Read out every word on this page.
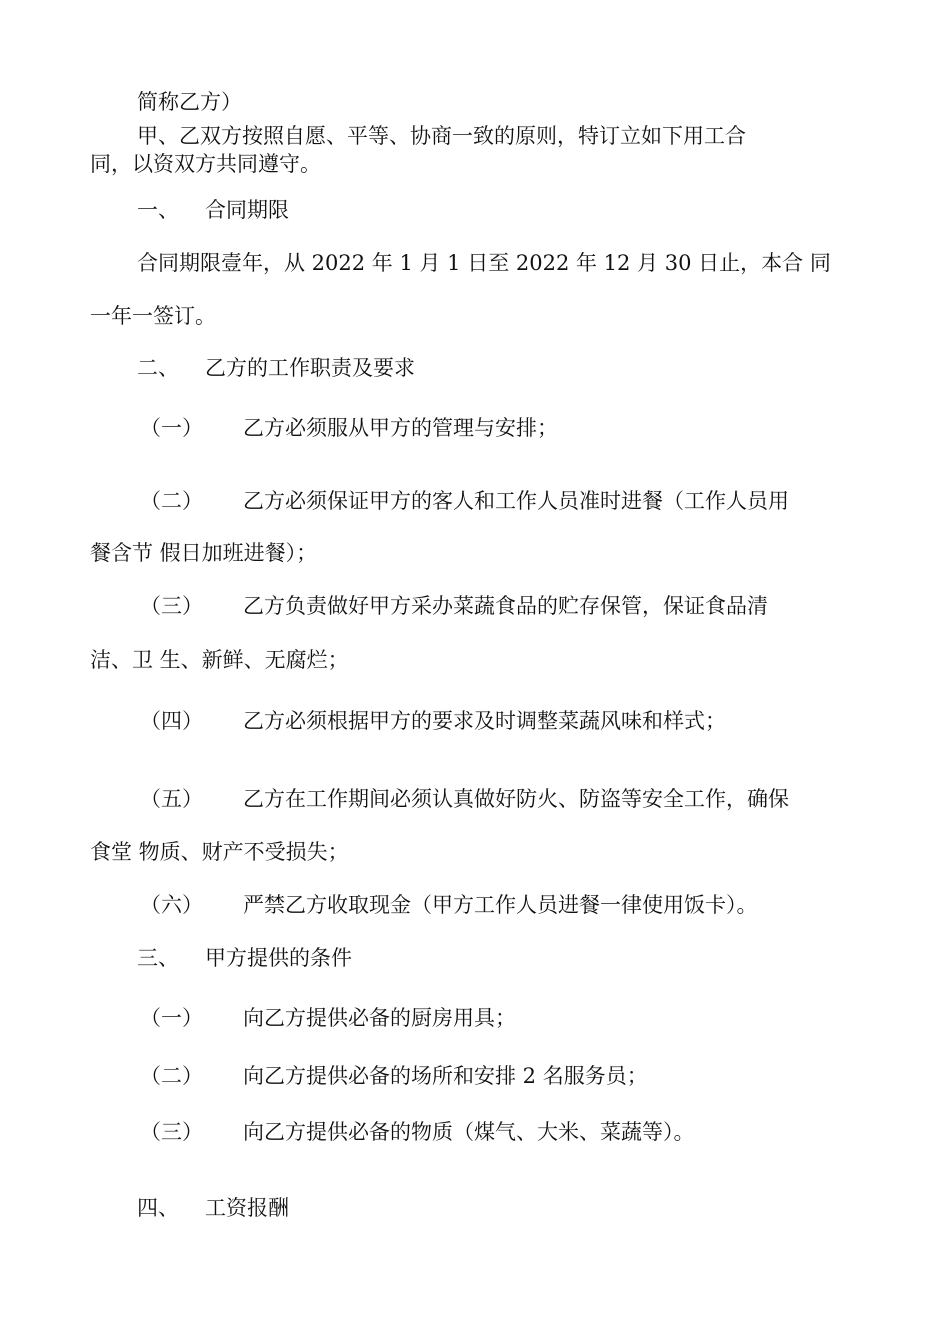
简称乙方）
甲、乙双方按照自愿、平等、协商一致的原则，特订立如下用工合
同，以资双方共同遵守。
一、 合同期限
合同期限壹年，从 2022 年 1 月 1 日至 2022 年 12 月 30 日止，本合 同
一年一签订。
二、 乙方的工作职责及要求
（一） 乙方必须服从甲方的管理与安排；
（二） 乙方必须保证甲方的客人和工作人员准时进餐（工作人员用
餐含节 假日加班进餐）；
（三） 乙方负责做好甲方采办菜蔬食品的贮存保管，保证食品清
洁、卫 生、新鲜、无腐烂；
（四） 乙方必须根据甲方的要求及时调整菜蔬风味和样式；
（五） 乙方在工作期间必须认真做好防火、防盗等安全工作，确保
食堂 物质、财产不受损失；
（六） 严禁乙方收取现金（甲方工作人员进餐一律使用饭卡）。
三、 甲方提供的条件
（一） 向乙方提供必备的厨房用具；
（二） 向乙方提供必备的场所和安排 2 名服务员；
（三） 向乙方提供必备的物质（煤气、大米、菜蔬等）。
四、 工资报酬
